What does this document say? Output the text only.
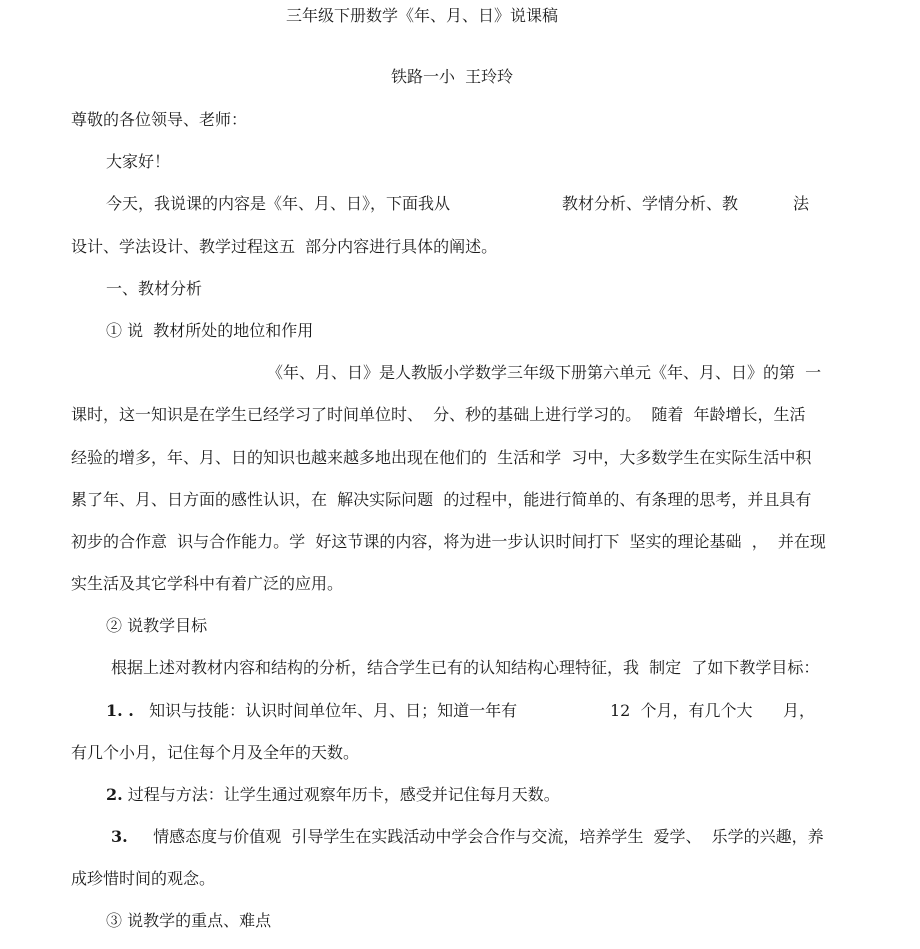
三年级下册数学《年、月、日》说课稿
铁路一小  王玲玲
尊敬的各位领导、老师：
大家好！
今天，我说课的内容是《年、月、日》，下面我从	教材分析、学情分析、教	法
设计、学法设计、教学过程这五  部分内容进行具体的阐述。
一、教材分析
① 说  教材所处的地位和作用
《年、月、日》是人教版小学数学三年级下册第六单元《年、月、日》的第  一
课时，这一知识是在学生已经学习了时间单位时、  分、秒的基础上进行学习的。  随着  年龄增长，生活
经验的增多，年、月、日的知识也越来越多地出现在他们的  生活和学  习中，大多数学生在实际生活中积
累了年、月、日方面的感性认识，在  解决实际问题  的过程中，能进行简单的、有条理的思考，并且具有
初步的合作意  识与合作能力。学  好这节课的内容，将为进一步认识时间打下  坚实的理论基础  ，  并在现
实生活及其它学科中有着广泛的应用。
② 说教学目标
根据上述对教材内容和结构的分析，结合学生已有的认知结构心理特征，我  制定  了如下教学目标：
1. . 知识与技能：认识时间单位年、月、日；知道一年有	12  个月，有几个大      月，
有几个小月，记住每个月及全年的天数。
2. 过程与方法：让学生通过观察年历卡，感受并记住每月天数。
3. 情感态度与价值观  引导学生在实践活动中学会合作与交流，培养学生  爱学、  乐学的兴趣，养
成珍惜时间的观念。
③ 说教学的重点、难点
